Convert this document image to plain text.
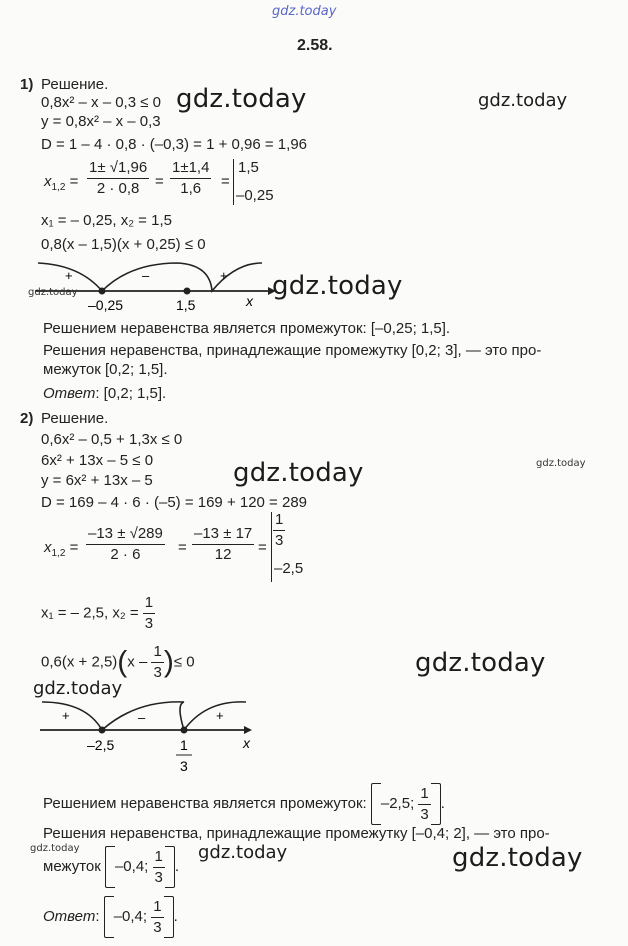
gdz.today
2.58.
1) Решение.
0,8x² – x – 0,3 ≤ 0
y = 0,8x² – x – 0,3
D = 1 – 4 · 0,8 · (–0,3) = 1 + 0,96 = 1,96
$x_{1,2} = \frac{1\pm √1,96}{2 \cdot 0,8} = \frac{1\pm 1,4}{1,6}$ =
1,5
–0,25
x₁ = – 0,25, x₂ = 1,5
0,8(x – 1,5)(x + 0,25) ≤ 0
+	–	+
–0,25	1,5	x
Решением неравенства является промежуток: [–0,25; 1,5].
Решения неравенства, принадлежащие промежутку [0,2; 3], — это про-
межуток [0,2; 1,5].
Ответ: [0,2; 1,5].
2) Решение.
0,6x² – 0,5 + 1,3x ≤ 0
6x² + 13x – 5 ≤ 0
y = 6x² + 13x – 5
D = 169 – 4 · 6 · (–5) = 169 + 120 = 289
$x_{1,2} = \frac{-13 \pm √289}{2 \cdot 6} = \frac{-13 \pm 17}{12} = \frac{1}{3}$
–2,5
x₁ = – 2,5, $x_2 = \frac{1}{3}$
$0,6(x + 2,5)(x - \frac{1}{3}$ )≤ 0
+	–	+
–2,5	1
3
x
Решением неравенства является промежуток: –2,5; $\frac{1}{3}$ .
Решения неравенства, принадлежащие промежутку [–0,4; 2], — это про-
межуток –0,4; $\frac{1}{3}$ .
Ответ: –0,4; $\frac{1}{3}$ .
gdz.today	gdz.today
gdz.today
gdz.today
gdz.today	gdz.today
gdz.today
gdz.today
gdz.today	gdz.today	gdz.today
